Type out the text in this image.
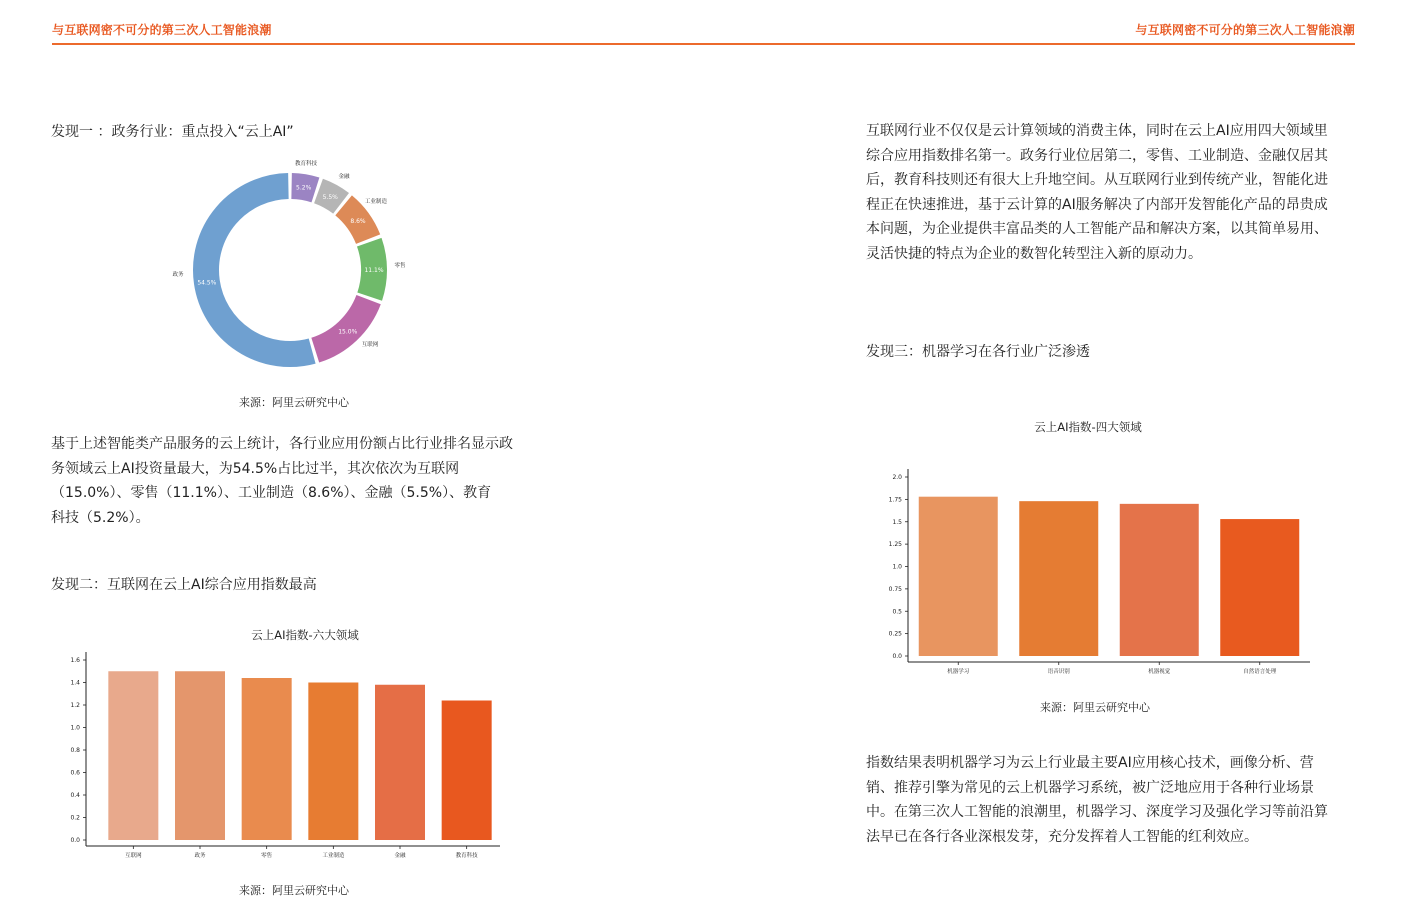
与互联网密不可分的第三次人工智能浪潮	与互联网密不可分的第三次人工智能浪潮
发现一 ：政务行业：重点投入“云上AI”
5.2%
教育科技
5.5%
金融
8.6%
工业制造
11.1%
零售
15.0%
互联网
54.5%
政务
来源：阿里云研究中心
基于上述智能类产品服务的云上统计，各行业应用份额占比行业排名显示政
务领域云上AI投资量最大，为54.5%占比过半，其次依次为互联网
（15.0%）、零售（11.1%）、工业制造（8.6%）、金融（5.5%）、教育
科技（5.2%）。
发现二：互联网在云上AI综合应用指数最高
云上AI指数-六大领域
0.0
0.2
0.4
0.6
0.8
1.0
1.2
1.4
1.6
互联网	政务	零售	工业制造	金融	教育科技
来源：阿里云研究中心
互联网行业不仅仅是云计算领域的消费主体，同时在云上AI应用四大领域里
综合应用指数排名第一。政务行业位居第二，零售、工业制造、金融仅居其
后，教育科技则还有很大上升地空间。从互联网行业到传统产业，智能化进
程正在快速推进，基于云计算的AI服务解决了内部开发智能化产品的昂贵成
本问题，为企业提供丰富品类的人工智能产品和解决方案，以其简单易用、
灵活快捷的特点为企业的数智化转型注入新的原动力。
发现三：机器学习在各行业广泛渗透
云上AI指数-四大领域
0.0
0.25
0.5
0.75
1.0
1.25
1.5
1.75
2.0
机器学习	语音识别	机器视觉	自然语言处理
来源：阿里云研究中心
指数结果表明机器学习为云上行业最主要AI应用核心技术，画像分析、营
销、推荐引擎为常见的云上机器学习系统，被广泛地应用于各种行业场景
中。在第三次人工智能的浪潮里，机器学习、深度学习及强化学习等前沿算
法早已在各行各业深根发芽，充分发挥着人工智能的红利效应。
